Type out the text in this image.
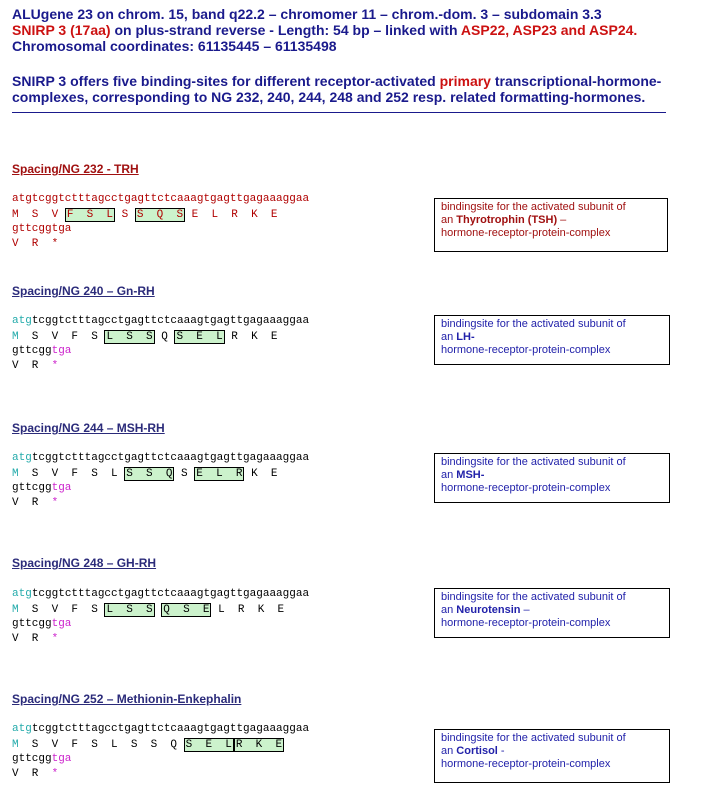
ALUgene 23 on chrom. 15, band q22.2 – chromomer 11 – chrom.-dom. 3 – subdomain 3.3
SNIRP 3 (17aa) on plus-strand reverse - Length: 54 bp – linked with ASP22, ASP23 and ASP24.
Chromosomal coordinates: 61135445 – 61135498
SNIRP 3 offers five binding-sites for different receptor-activated primary transcriptional-hormone-
complexes, corresponding to NG 232, 240, 244, 248 and 252 resp. related formatting-hormones.
Spacing/NG 232 - TRH
atgtcggtctttagcctgagttctcaaagtgagttgagaaaggaa
M  S  V F  S  L S S  Q  S E  L  R  K  E
gttcggtga
V  R  *
bindingsite for the activated subunit of
an Thyrotrophin (TSH) –
hormone-receptor-protein-complex
Spacing/NG 240 – Gn-RH
atgtcggtctttagcctgagttctcaaagtgagttgagaaaggaa
M  S  V  F  S L  S  S Q S  E  L R  K  E
gttcggtga
V  R  *
bindingsite for the activated subunit of
an LH-
hormone-receptor-protein-complex
Spacing/NG 244 – MSH-RH
atgtcggtctttagcctgagttctcaaagtgagttgagaaaggaa
M  S  V  F  S  L S  S  Q S E  L  R K  E
gttcggtga
V  R  *
bindingsite for the activated subunit of
an MSH-
hormone-receptor-protein-complex
Spacing/NG 248 – GH-RH
atgtcggtctttagcctgagttctcaaagtgagttgagaaaggaa
M  S  V  F  S L  S  S Q  S  E L  R  K  E
gttcggtga
V  R  *
bindingsite for the activated subunit of
an Neurotensin –
hormone-receptor-protein-complex
Spacing/NG 252 – Methionin-Enkephalin
atgtcggtctttagcctgagttctcaaagtgagttgagaaaggaa
M  S  V  F  S  L  S  S  Q S  E  L R  K  E
gttcggtga
V  R  *
bindingsite for the activated subunit of
an Cortisol -
hormone-receptor-protein-complex
